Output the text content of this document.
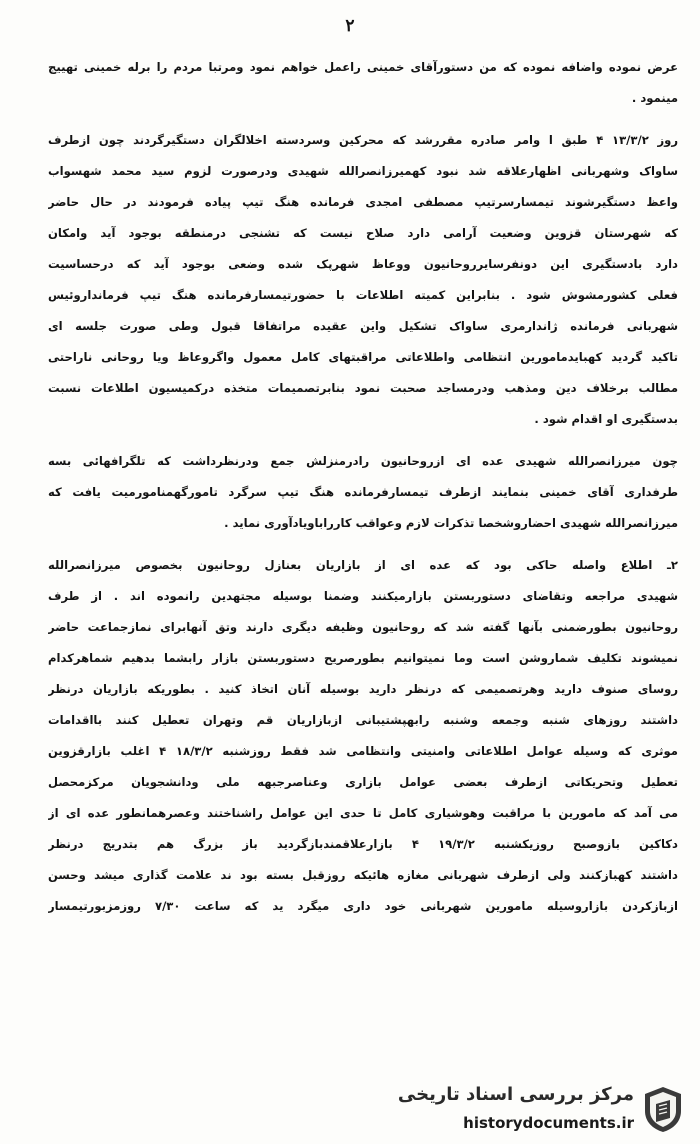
۲
عرض نموده واضافه نموده که من دستورآقای خمینی راعمل خواهم نمود ومرتبا مردم را برله خمینی تهییج
مینمود .
روز ۱۳/۳/۲ ۴ طبق ا وامر صادره مقررشد که محرکین وسردسته اخلالگران دستگیرگردند چون ازطرف
ساواک وشهربانی اظهارعلاقه شد نبود کهمیرزانصرالله شهیدی ودرصورت لزوم سید محمد شهسواب
واعظ دستگیرشوند تیمسارسرتیپ مصطفی امجدی فرمانده هنگ تیپ پیاده فرمودند در حال حاضر
که شهرستان قزوین وضعیت آرامی دارد صلاح نیست که تشنجی درمنطقه بوجود آید وامکان
دارد بادستگیری این دونفرسایرروحانیون ووعاظ شهرپک شده وضعی بوجود آید که درحساسیت
فعلی کشورمشوش شود . بنابراین کمیته اطلاعات با حضورتیمسارفرمانده هنگ تیپ فرمانداروئیس
شهربانی فرمانده ژاندارمری ساواک تشکیل واین عقیده مراتفاقا قبول وطی صورت جلسه ای
تاکید گردید کهبایدمامورین انتظامی واطلاعاتی مراقبتهای کامل معمول واگروعاظ ویا روحانی ناراحتی
مطالب برخلاف دین ومذهب ودرمساجد صحبت نمود بنابرتصمیمات متخذه درکمیسیون اطلاعات نسبت
بدستگیری او اقدام شود .
چون میرزانصرالله شهیدی عده ای ازروحانیون رادرمنزلش جمع ودرنظرداشت که تلگرافهائی بسه
طرفداری آقای خمینی بنمایند ازطرف تیمسارفرمانده هنگ تیپ سرگرد تامورگهمنامورمیت یافت که
میرزانصرالله شهیدی احضاروشخصا تذکرات لازم وعواقب کارراباویادآوری نماید .
۲ـ اطلاع واصله حاکی بود که عده ای از بازاریان بعنازل روحانیون بخصوص میرزانصرالله
شهیدی مراجعه وتقاضای دستوربستن بازارمیکنند وضمنا بوسیله مجتهدین رانموده اند . از طرف
روحانیون بطورضمنی بآنها گفته شد که روحانیون وظیفه دیگری دارند وتق آنهابرای نمازجماعت حاضر
نمیشوند تکلیف شماروشن است وما نمیتوانیم بطورصریح دستوربستن بازار رابشما بدهیم شماهرکدام
روسای صنوف دارید وهرتصمیمی که درنظر دارید بوسیله آنان اتخاذ کنید . بطوریکه بازاریان درنظر
داشتند روزهای شنبه وجمعه وشنبه رابهپشتیبانی ازبازاریان قم وتهران تعطیل کنند بااقدامات
موثری که وسیله عوامل اطلاعاتی وامنیتی وانتظامی شد فقط روزشنبه ۱۸/۳/۲ ۴ اغلب بازارقزوین
تعطیل وتحریکاتی ازطرف بعضی عوامل بازاری وعناصرجبهه ملی ودانشجویان مرکزمحصل
می آمد که مامورین با مراقبت وهوشیاری کامل تا حدی این عوامل راشناختند وعصرهمانطور عده ای از
دکاکین بازوصبح روزیکشنبه ۱۹/۳/۲ ۴ بازارعلاقمندبازگردید باز بزرگ هم بتدریج درنظر
داشتند کهبازکنند ولی ازطرف شهربانی مغازه هائیکه روزقبل بسته بود ند علامت گذاری میشد وحسن
ازبازکردن بازاروسیله مامورین شهربانی خود داری میگرد ید که ساعت ۷/۳۰ روزمزبورتیمسار
مرکز بررسی اسناد تاریخی
historydocuments.ir
